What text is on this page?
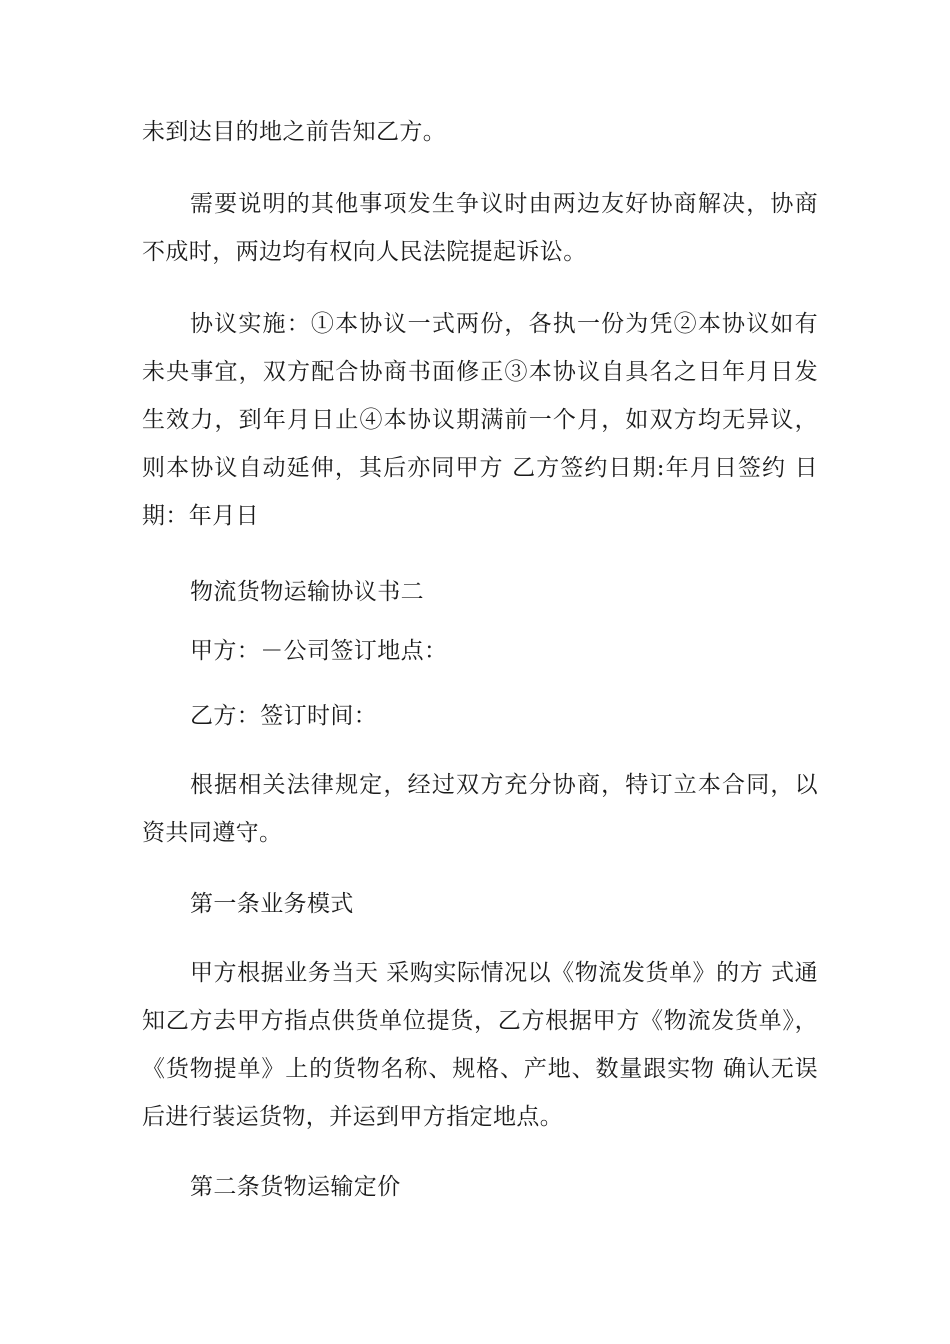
未到达目的地之前告知乙方。

需要说明的其他事项发生争议时由两边友好协商解决，协商不成时，两边均有权向人民法院提起诉讼。

协议实施：①本协议一式两份，各执一份为凭②本协议如有未央事宜，双方配合协商书面修正③本协议自具名之日年月日发生效力，到年月日止④本协议期满前一个月，如双方均无异议，则本协议自动延伸，其后亦同甲方 乙方签约日期:年月日签约 日期：年月日

物流货物运输协议书二

甲方：－公司签订地点：

乙方：签订时间：

根据相关法律规定，经过双方充分协商，特订立本合同，以资共同遵守。

第一条业务模式

甲方根据业务当天 采购实际情况以《物流发货单》的方 式通知乙方去甲方指点供货单位提货，乙方根据甲方《物流发货单》，《货物提单》上的货物名称、规格、产地、数量跟实物 确认无误后进行装运货物，并运到甲方指定地点。

第二条货物运输定价
